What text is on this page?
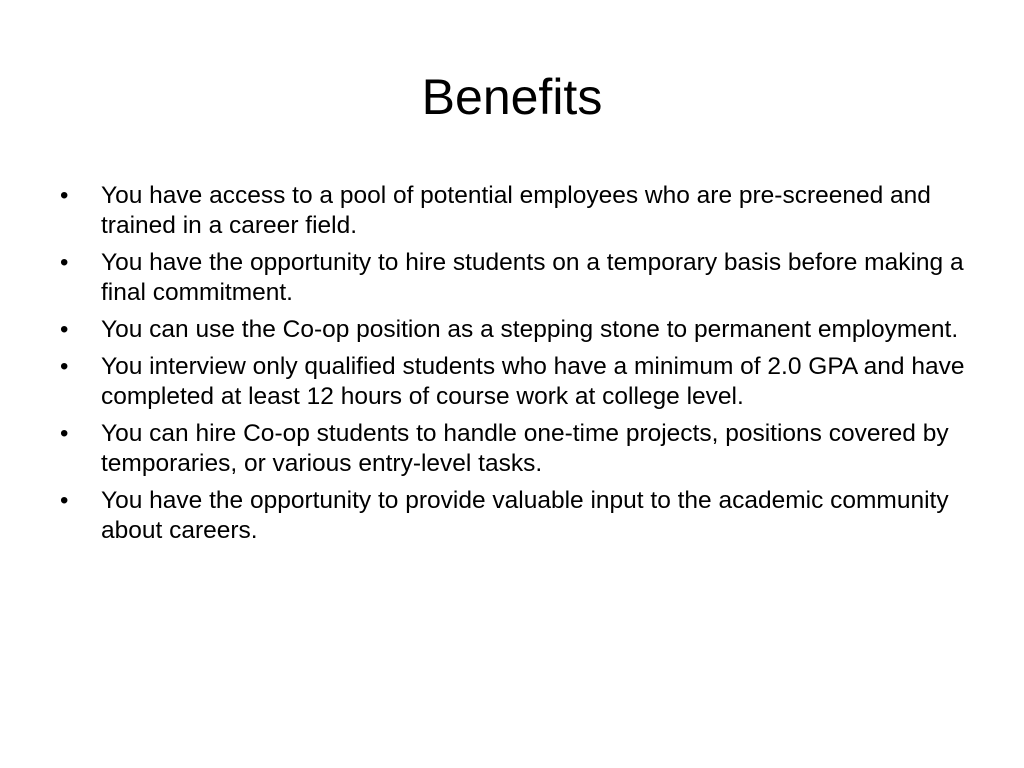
Benefits
•	You have access to a pool of potential employees who are pre-screened and trained in a career field.
•	You have the opportunity to hire students on a temporary basis before making a final commitment.
•	You can use the Co-op position as a stepping stone to permanent employment.
•	You interview only qualified students who have a minimum of 2.0 GPA and have completed at least 12 hours of course work at college level.
•	You can hire Co-op students to handle one-time projects, positions covered by temporaries, or various entry-level tasks.
•	You have the opportunity to provide valuable input to the academic community about careers.
